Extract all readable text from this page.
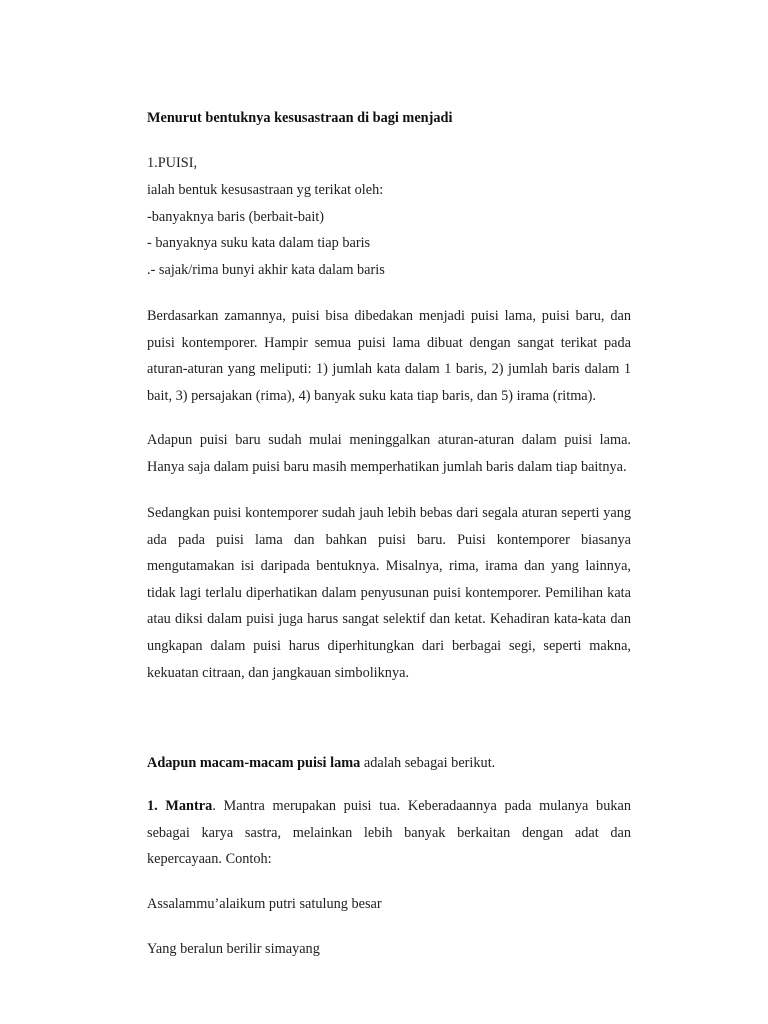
Menurut bentuknya kesusastraan di bagi menjadi
1.PUISI,
ialah bentuk kesusastraan yg terikat oleh:
-banyaknya baris (berbait-bait)
- banyaknya suku kata dalam tiap baris
.- sajak/rima bunyi akhir kata dalam baris
Berdasarkan zamannya, puisi bisa dibedakan menjadi puisi lama, puisi baru, dan
puisi kontemporer. Hampir semua puisi lama dibuat dengan sangat terikat pada
aturan-aturan yang meliputi: 1) jumlah kata dalam 1 baris, 2) jumlah baris dalam 1
bait, 3) persajakan (rima), 4) banyak suku kata tiap baris, dan 5) irama (ritma).
Adapun puisi baru sudah mulai meninggalkan aturan-aturan dalam puisi lama.
Hanya saja dalam puisi baru masih memperhatikan jumlah baris dalam tiap baitnya.
Sedangkan puisi kontemporer sudah jauh lebih bebas dari segala aturan seperti yang
ada pada puisi lama dan bahkan puisi baru. Puisi kontemporer biasanya
mengutamakan isi daripada bentuknya. Misalnya, rima, irama dan yang lainnya,
tidak lagi terlalu diperhatikan dalam penyusunan puisi kontemporer. Pemilihan kata
atau diksi dalam puisi juga harus sangat selektif dan ketat. Kehadiran kata-kata dan
ungkapan dalam puisi harus diperhitungkan dari berbagai segi, seperti makna,
kekuatan citraan, dan jangkauan simboliknya.
Adapun macam-macam puisi lama adalah sebagai berikut.
1. Mantra. Mantra merupakan puisi tua. Keberadaannya pada mulanya bukan
sebagai karya sastra, melainkan lebih banyak berkaitan dengan adat dan
kepercayaan. Contoh:
Assalammu’alaikum putri satulung besar
Yang beralun berilir simayang
